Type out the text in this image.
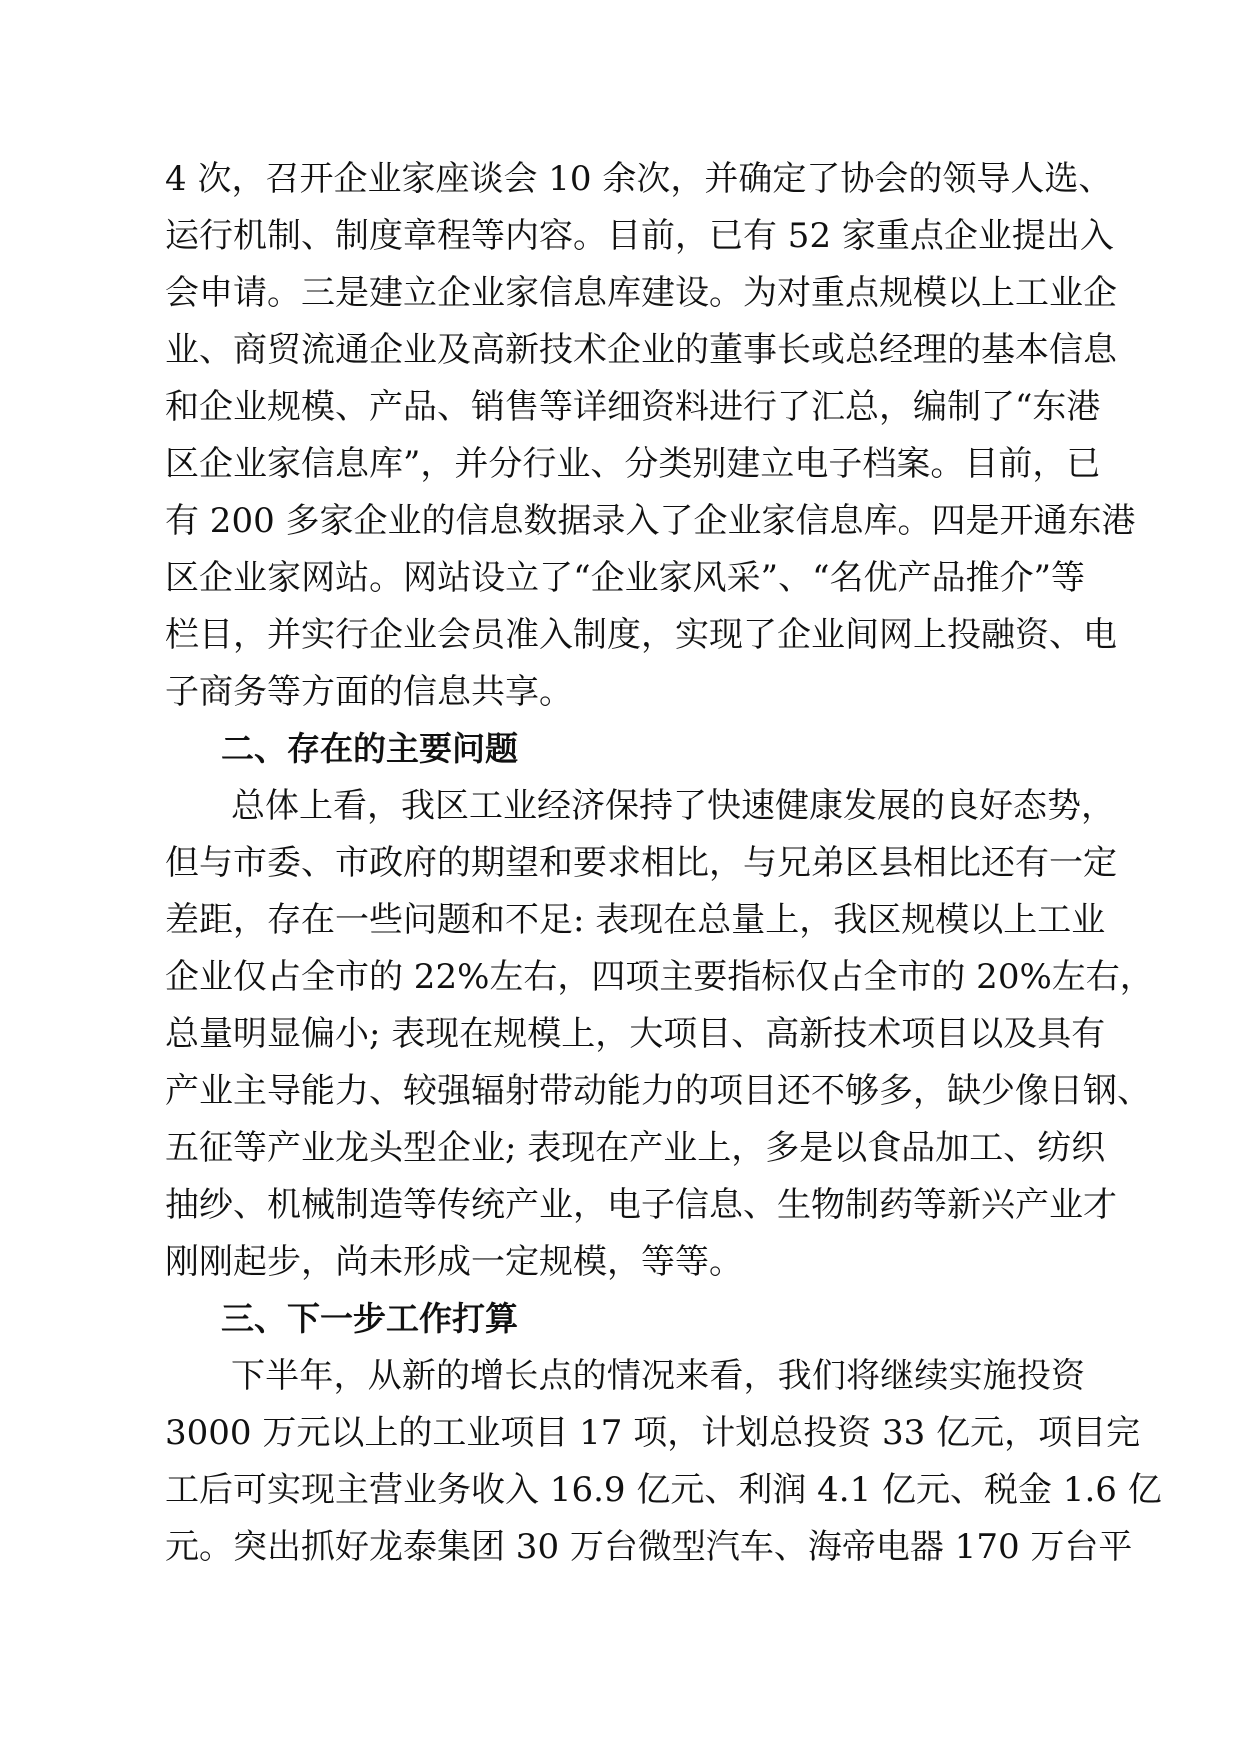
4 次，召开企业家座谈会 10 余次，并确定了协会的领导人选、
运行机制、制度章程等内容。目前，已有 52 家重点企业提出入
会申请。三是建立企业家信息库建设。为对重点规模以上工业企
业、商贸流通企业及高新技术企业的董事长或总经理的基本信息
和企业规模、产品、销售等详细资料进行了汇总，编制了“东港
区企业家信息库”，并分行业、分类别建立电子档案。目前，已
有 200 多家企业的信息数据录入了企业家信息库。四是开通东港
区企业家网站。网站设立了“企业家风采”、“名优产品推介”等
栏目，并实行企业会员准入制度，实现了企业间网上投融资、电
子商务等方面的信息共享。
二、存在的主要问题
总体上看，我区工业经济保持了快速健康发展的良好态势，
但与市委、市政府的期望和要求相比，与兄弟区县相比还有一定
差距，存在一些问题和不足: 表现在总量上，我区规模以上工业
企业仅占全市的 22%左右，四项主要指标仅占全市的 20%左右，
总量明显偏小; 表现在规模上，大项目、高新技术项目以及具有
产业主导能力、较强辐射带动能力的项目还不够多，缺少像日钢、
五征等产业龙头型企业; 表现在产业上，多是以食品加工、纺织
抽纱、机械制造等传统产业，电子信息、生物制药等新兴产业才
刚刚起步，尚未形成一定规模，等等。
三、下一步工作打算
下半年，从新的增长点的情况来看，我们将继续实施投资
3000 万元以上的工业项目 17 项，计划总投资 33 亿元，项目完
工后可实现主营业务收入 16.9 亿元、利润 4.1 亿元、税金 1.6 亿
元。突出抓好龙泰集团 30 万台微型汽车、海帝电器 170 万台平
